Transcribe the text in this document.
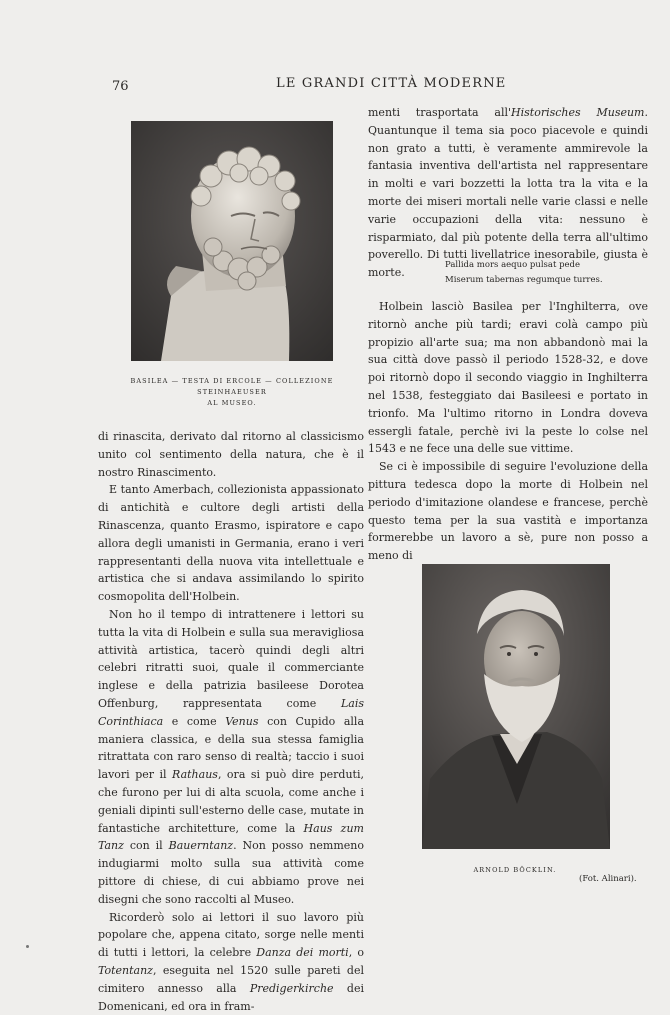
76	LE GRANDI CITTÀ MODERNE
BASILEA — TESTA DI ERCOLE — COLLEZIONE STEINHAEUSER
AL MUSEO.

di rinascita, derivato dal ritorno al classicismo unito col sentimento della natura, che è il nostro Rinascimento.

E tanto Amerbach, collezionista appassionato di antichità e cultore degli artisti della Rinascenza, quanto Erasmo, ispiratore e capo allora degli umanisti in Germania, erano i veri rappresentanti della nuova vita intellettuale e artistica che si andava assimilando lo spirito cosmopolita dell'Holbein.

Non ho il tempo di intrattenere i lettori su tutta la vita di Holbein e sulla sua meravigliosa attività artistica, tacerò quindi degli altri celebri ritratti suoi, quale il commerciante inglese e della patrizia basileese Dorotea Offenburg, rappresentata come Lais Corinthiaca e come Venus con Cupido alla maniera classica, e della sua stessa famiglia ritrattata con raro senso di realtà; taccio i suoi lavori per il Rathaus, ora si può dire perduti, che furono per lui di alta scuola, come anche i geniali dipinti sull'esterno delle case, mutate in fantastiche architetture, come la Haus zum Tanz con il Bauerntanz. Non posso nemmeno indugiarmi molto sulla sua attività come pittore di chiese, di cui abbiamo prove nei disegni che sono raccolti al Museo.

Ricorderò solo ai lettori il suo lavoro più popolare che, appena citato, sorge nelle menti di tutti i lettori, la celebre Danza dei morti, o Totentanz, eseguita nel 1520 sulle pareti del cimitero annesso alla Predigerkirche dei Domenicani, ed ora in fram-

menti trasportata all'Historisches Museum. Quantunque il tema sia poco piacevole e quindi non grato a tutti, è veramente ammirevole la fantasia inventiva dell'artista nel rappresentare in molti e vari bozzetti la lotta tra la vita e la morte dei miseri mortali nelle varie classi e nelle varie occupazioni della vita: nessuno è risparmiato, dal più potente della terra all'ultimo poverello. Di tutti livellatrice inesorabile, giusta è morte.

Pallida mors aequo pulsat pede
Miserum tabernas regumque turres.

Holbein lasciò Basilea per l'Inghilterra, ove ritornò anche più tardi; eravi colà campo più propizio all'arte sua; ma non abbandonò mai la sua città dove passò il periodo 1528-32, e dove poi ritornò dopo il secondo viaggio in Inghilterra nel 1538, festeggiato dai Basileesi e portato in trionfo. Ma l'ultimo ritorno in Londra doveva essergli fatale, perchè ivi la peste lo colse nel 1543 e ne fece una delle sue vittime.

Se ci è impossibile di seguire l'evoluzione della pittura tedesca dopo la morte di Holbein nel periodo d'imitazione olandese e francese, perchè questo tema per la sua vastità e importanza formerebbe un lavoro a sè, pure non posso a meno di

ARNOLD BÖCKLIN.
(Fot. Alinari).
